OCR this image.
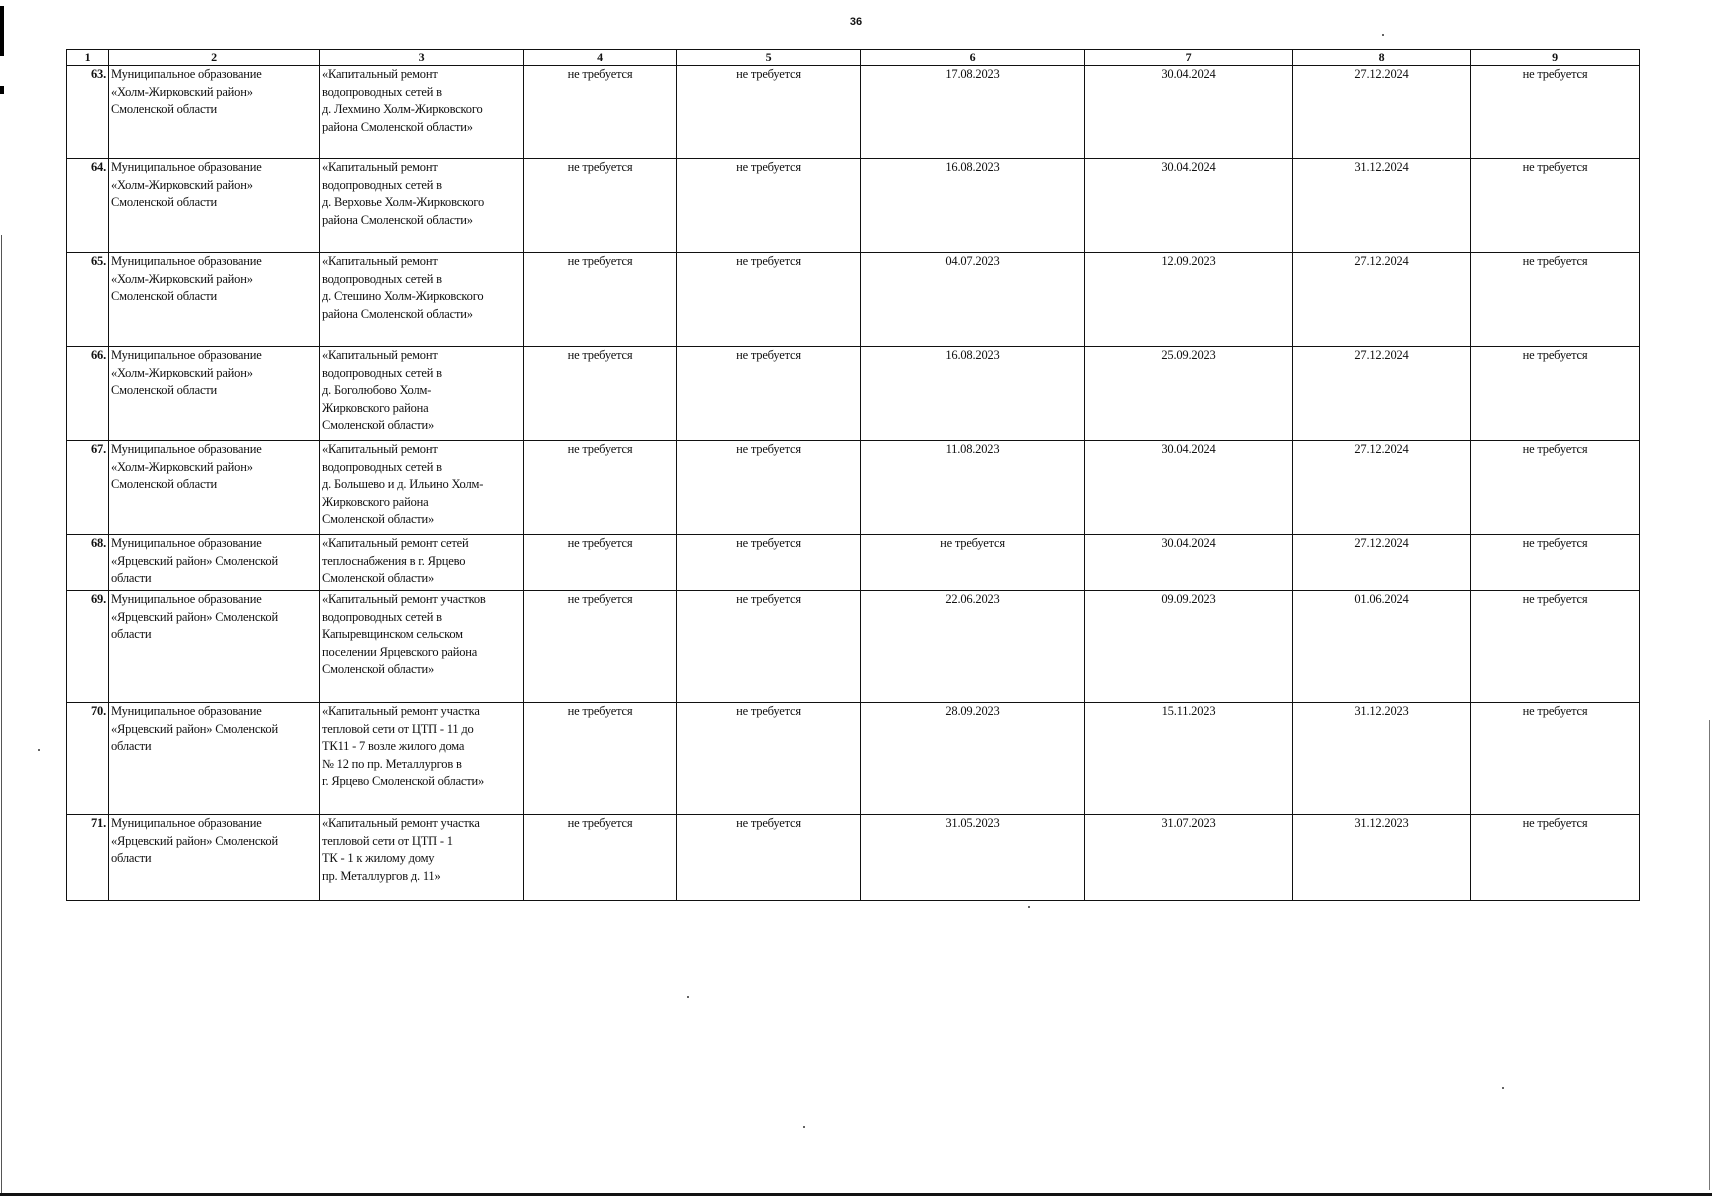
36
1	2	3	4	5	6	7	8	9
63.	Муниципальное образование
«Холм-Жирковский район»
Смоленской области	«Капитальный ремонт
водопроводных сетей в
д. Лехмино Холм-Жирковского
района Смоленской области»	не требуется	не требуется	17.08.2023	30.04.2024	27.12.2024	не требуется
64.	Муниципальное образование
«Холм-Жирковский район»
Смоленской области	«Капитальный ремонт
водопроводных сетей в
д. Верховье Холм-Жирковского
района Смоленской области»	не требуется	не требуется	16.08.2023	30.04.2024	31.12.2024	не требуется
65.	Муниципальное образование
«Холм-Жирковский район»
Смоленской области	«Капитальный ремонт
водопроводных сетей в
д. Стешино Холм-Жирковского
района Смоленской области»	не требуется	не требуется	04.07.2023	12.09.2023	27.12.2024	не требуется
66.	Муниципальное образование
«Холм-Жирковский район»
Смоленской области	«Капитальный ремонт
водопроводных сетей в
д. Боголюбово Холм-
Жирковского района
Смоленской области»	не требуется	не требуется	16.08.2023	25.09.2023	27.12.2024	не требуется
67.	Муниципальное образование
«Холм-Жирковский район»
Смоленской области	«Капитальный ремонт
водопроводных сетей в
д. Большево и д. Ильино Холм-
Жирковского района
Смоленской области»	не требуется	не требуется	11.08.2023	30.04.2024	27.12.2024	не требуется
68.	Муниципальное образование
«Ярцевский район» Смоленской
области	«Капитальный ремонт сетей
теплоснабжения в г. Ярцево
Смоленской области»	не требуется	не требуется	не требуется	30.04.2024	27.12.2024	не требуется
69.	Муниципальное образование
«Ярцевский район» Смоленской
области	«Капитальный ремонт участков
водопроводных сетей в
Капыревщинском сельском
поселении Ярцевского района
Смоленской области»	не требуется	не требуется	22.06.2023	09.09.2023	01.06.2024	не требуется
70.	Муниципальное образование
«Ярцевский район» Смоленской
области	«Капитальный ремонт участка
тепловой сети от ЦТП - 11 до
ТК11 - 7 возле жилого дома
№ 12 по пр. Металлургов в
г. Ярцево Смоленской области»	не требуется	не требуется	28.09.2023	15.11.2023	31.12.2023	не требуется
71.	Муниципальное образование
«Ярцевский район» Смоленской
области	«Капитальный ремонт участка
тепловой сети от ЦТП - 1
ТК - 1 к жилому дому
пр. Металлургов д. 11»	не требуется	не требуется	31.05.2023	31.07.2023	31.12.2023	не требуется
